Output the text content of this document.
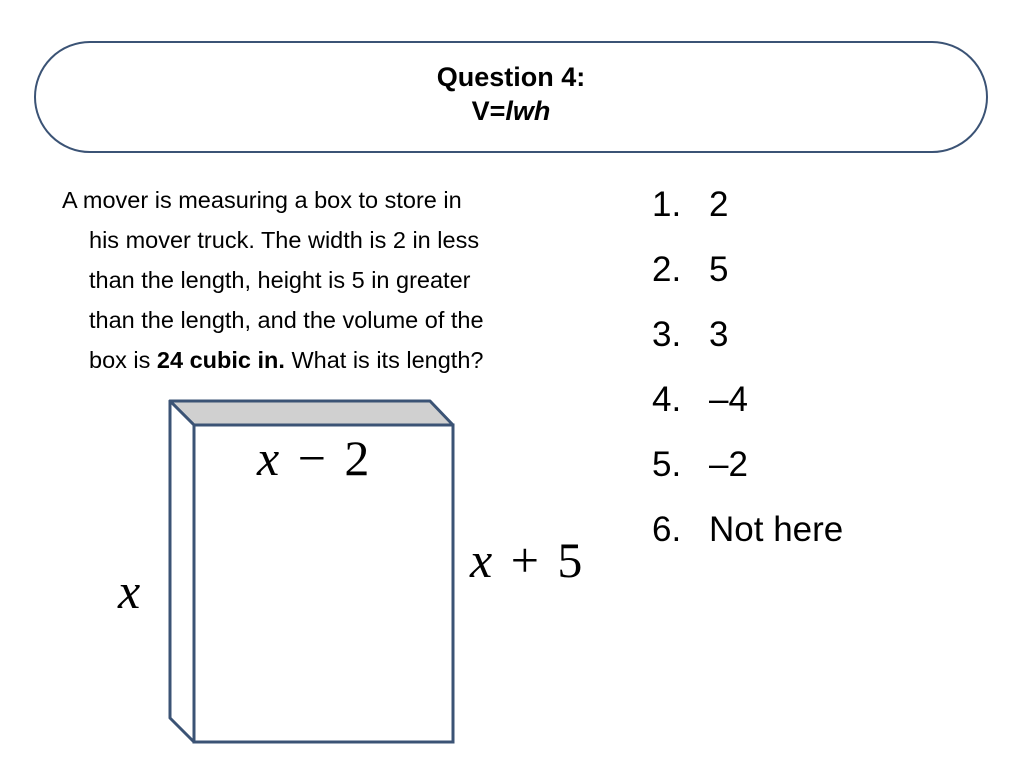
Question 4:
V=lwh
A mover is measuring a box to store in
his mover truck. The width is 2 in less
than the length, height is 5 in greater
than the length, and the volume of the
box is 24 cubic in. What is its length?
x − 2
x + 5
x
1. 2
2. 5
3. 3
4. –4
5. –2
6. Not here
